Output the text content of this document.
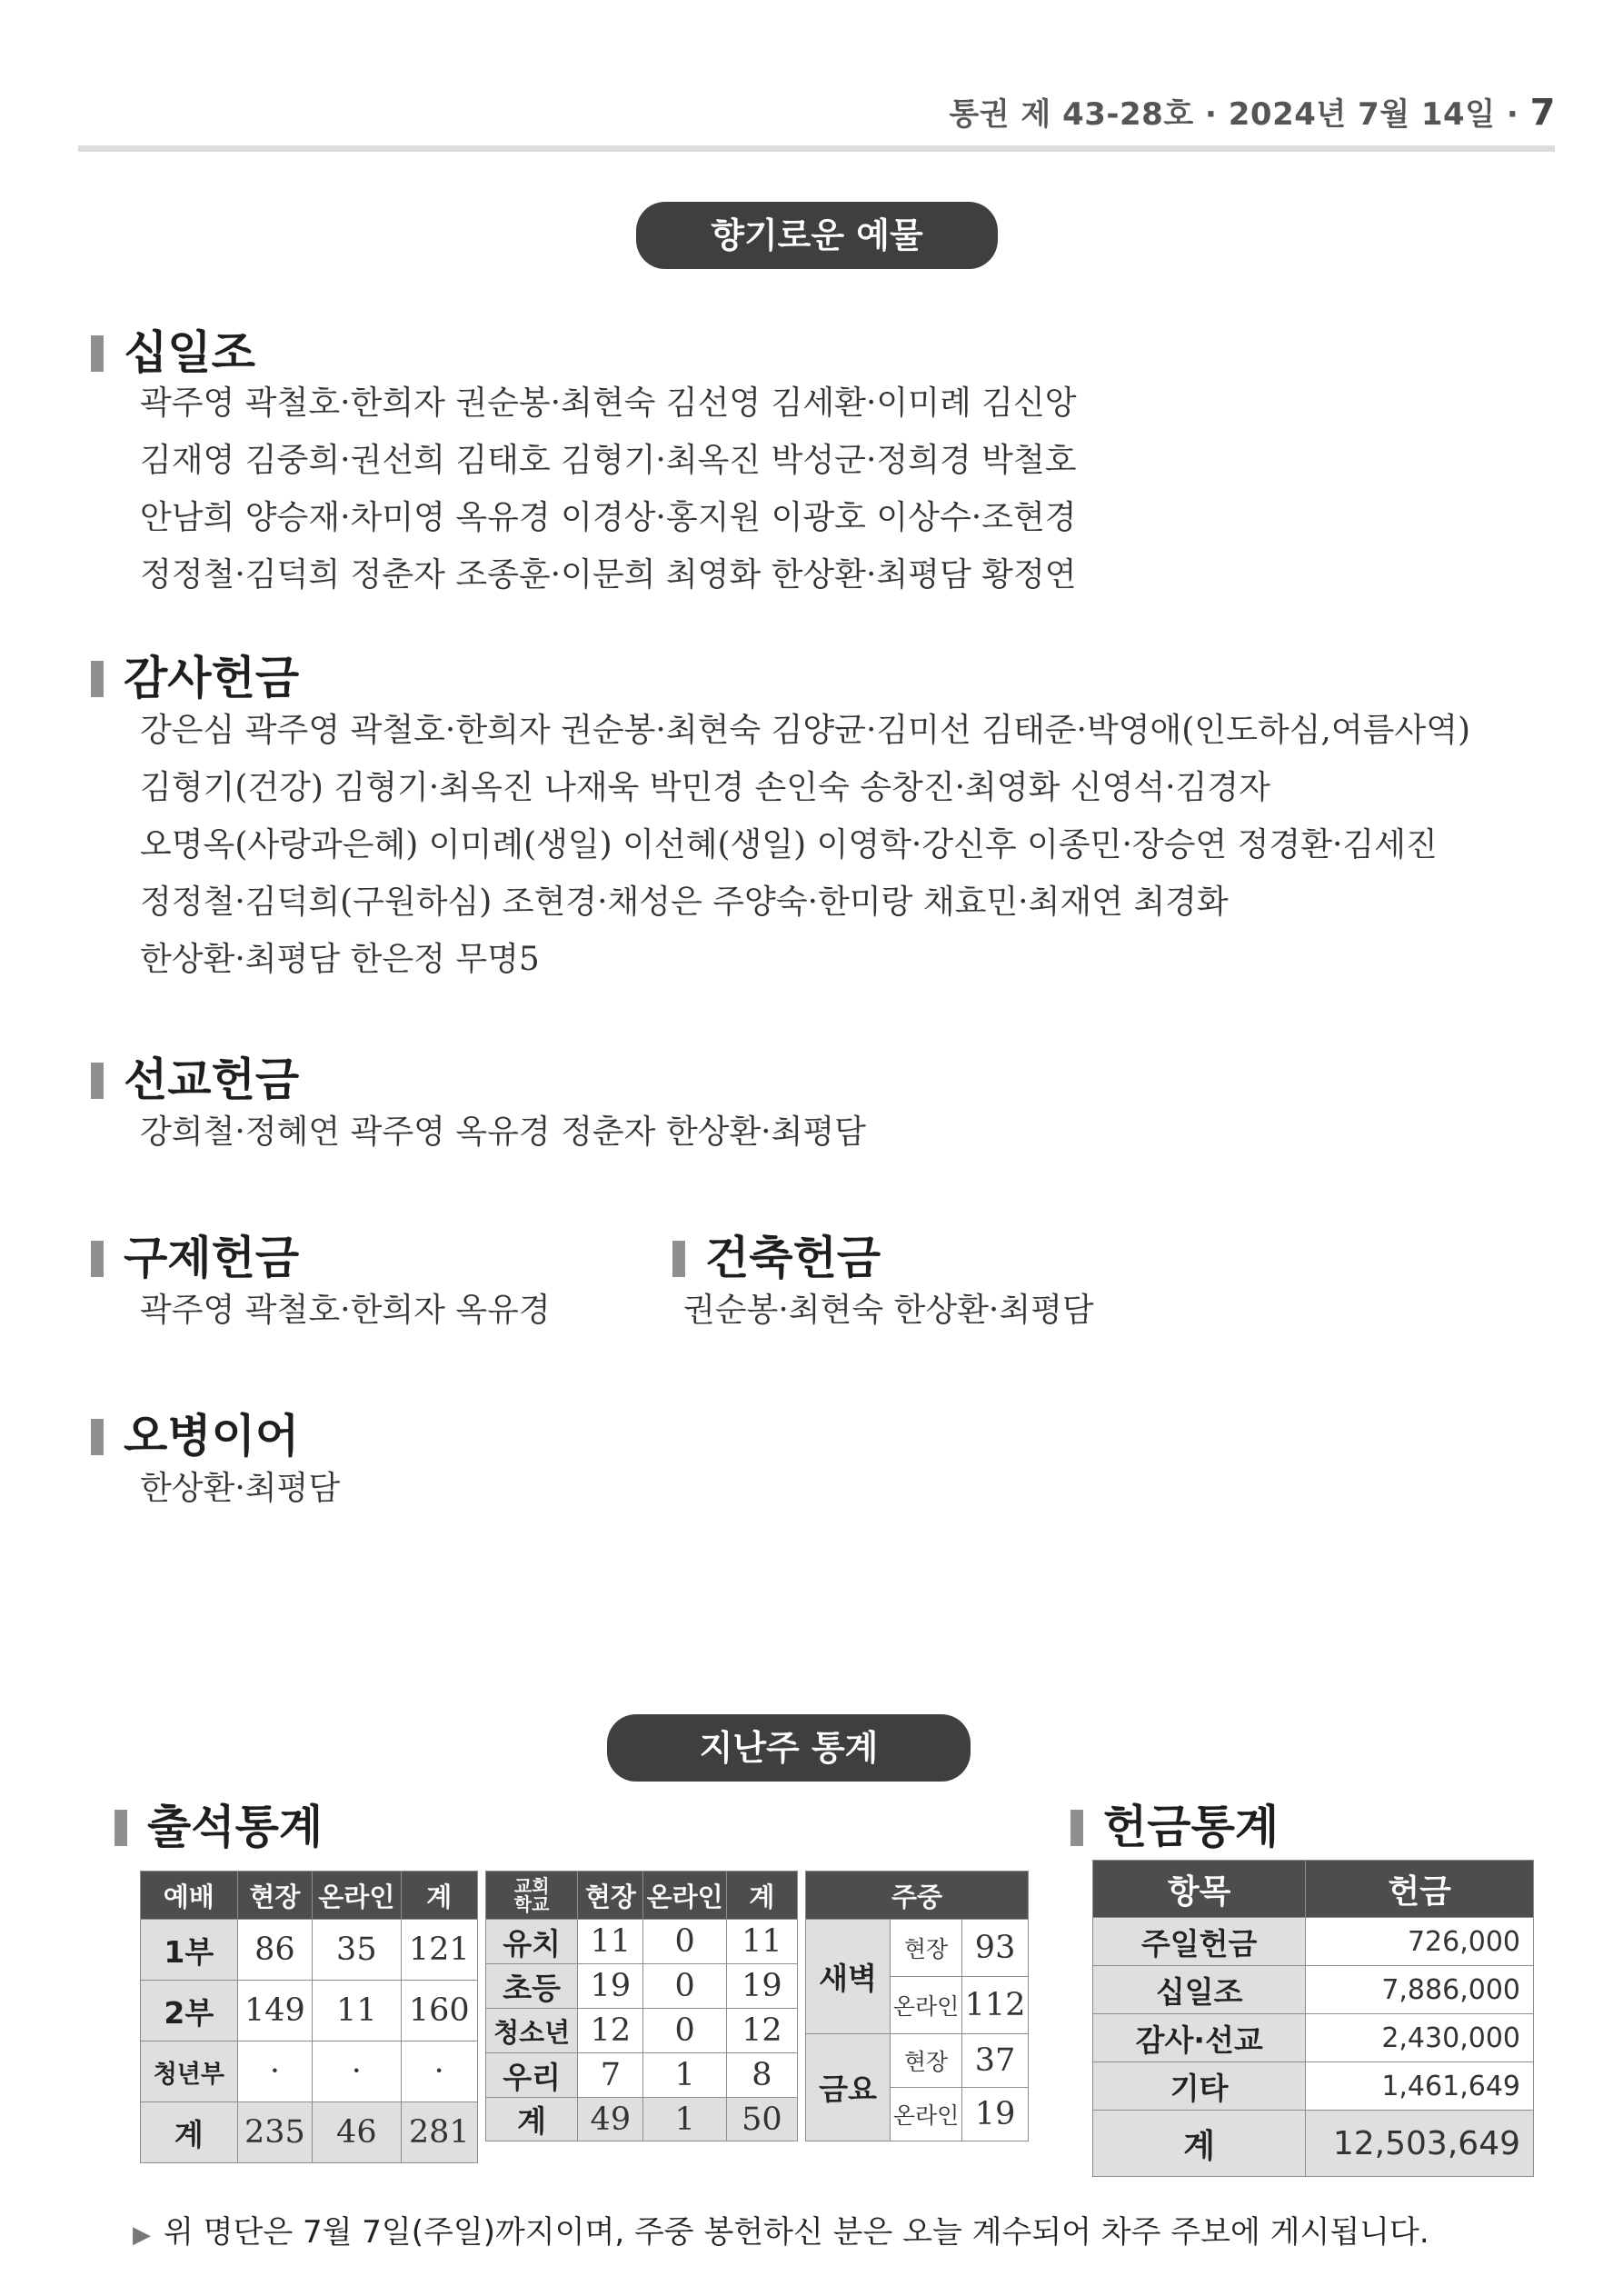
통권 제 43-28호 · 2024년 7월 14일 · 7
향기로운 예물
십일조
곽주영 곽철호·한희자 권순봉·최현숙 김선영 김세환·이미례 김신앙
김재영 김중희·권선희 김태호 김형기·최옥진 박성군·정희경 박철호
안남희 양승재·차미영 옥유경 이경상·홍지원 이광호 이상수·조현경
정정철·김덕희 정춘자 조종훈·이문희 최영화 한상환·최평담 황정연
감사헌금
강은심 곽주영 곽철호·한희자 권순봉·최현숙 김양균·김미선 김태준·박영애(인도하심,여름사역)
김형기(건강) 김형기·최옥진 나재욱 박민경 손인숙 송창진·최영화 신영석·김경자
오명옥(사랑과은혜) 이미례(생일) 이선혜(생일) 이영학·강신후 이종민·장승연 정경환·김세진
정정철·김덕희(구원하심) 조현경·채성은 주양숙·한미랑 채효민·최재연 최경화
한상환·최평담 한은정 무명5
선교헌금
강희철·정혜연 곽주영 옥유경 정춘자 한상환·최평담
구제헌금
곽주영 곽철호·한희자 옥유경
건축헌금
권순봉·최현숙 한상환·최평담
오병이어
한상환·최평담
지난주 통계
출석통계
예배	현장	온라인	계
1부	86	35	121
2부	149	11	160
청년부	·	·	·
계	235	46	281
교회
학교	현장	온라인	계
유치	11	0	11
초등	19	0	19
청소년	12	0	12
우리	7	1	8
계	49	1	50
주중		
새벽	현장	93
	온라인	112
금요	현장	37
	온라인	19
헌금통계
항목	헌금
주일헌금	726,000
십일조	7,886,000
감사·선교	2,430,000
기타	1,461,649
계	12,503,649
▶ 위 명단은 7월 7일(주일)까지이며, 주중 봉헌하신 분은 오늘 계수되어 차주 주보에 게시됩니다.
